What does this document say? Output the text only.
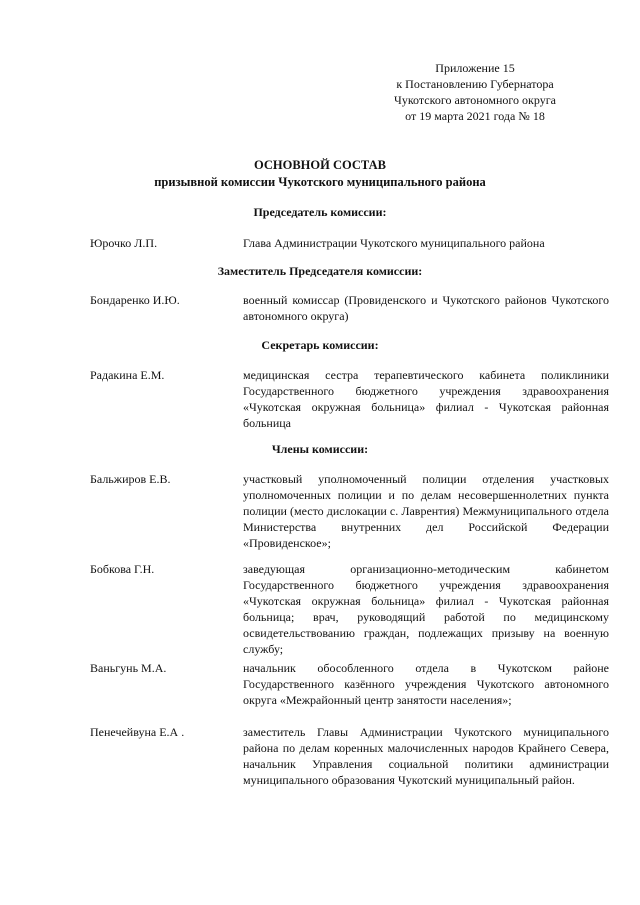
Приложение 15
к Постановлению Губернатора
Чукотского автономного округа
от 19 марта 2021 года № 18
ОСНОВНОЙ СОСТАВ
призывной комиссии Чукотского муниципального района
Председатель комиссии:
Юрочко Л.П.	Глава Администрации Чукотского муниципального района
Заместитель Председателя комиссии:
Бондаренко И.Ю.	военный комиссар (Провиденского и Чукотского районов Чукотского автономного округа)
Секретарь комиссии:
Радакина Е.М.	медицинская сестра терапевтического кабинета поликлиники Государственного бюджетного учреждения здравоохранения «Чукотская окружная больница» филиал - Чукотская районная больница
Члены комиссии:
Бальжиров Е.В.	участковый уполномоченный полиции отделения участковых уполномоченных полиции и по делам несовершеннолетних пункта полиции (место дислокации с. Лаврентия) Межмуниципального отдела Министерства внутренних дел Российской Федерации «Провиденское»;
Бобкова Г.Н.	заведующая организационно-методическим кабинетом Государственного бюджетного учреждения здравоохранения «Чукотская окружная больница» филиал - Чукотская районная больница; врач, руководящий работой по медицинскому освидетельствованию граждан, подлежащих призыву на военную службу;
Ваньгунь М.А.	начальник обособленного отдела в Чукотском районе Государственного казённого учреждения Чукотского автономного округа «Межрайонный центр занятости населения»;
Пенечейвуна Е.А .	заместитель Главы Администрации Чукотского муниципального района по делам коренных малочисленных народов Крайнего Севера, начальник Управления социальной политики администрации муниципального образования Чукотский муниципальный район.
